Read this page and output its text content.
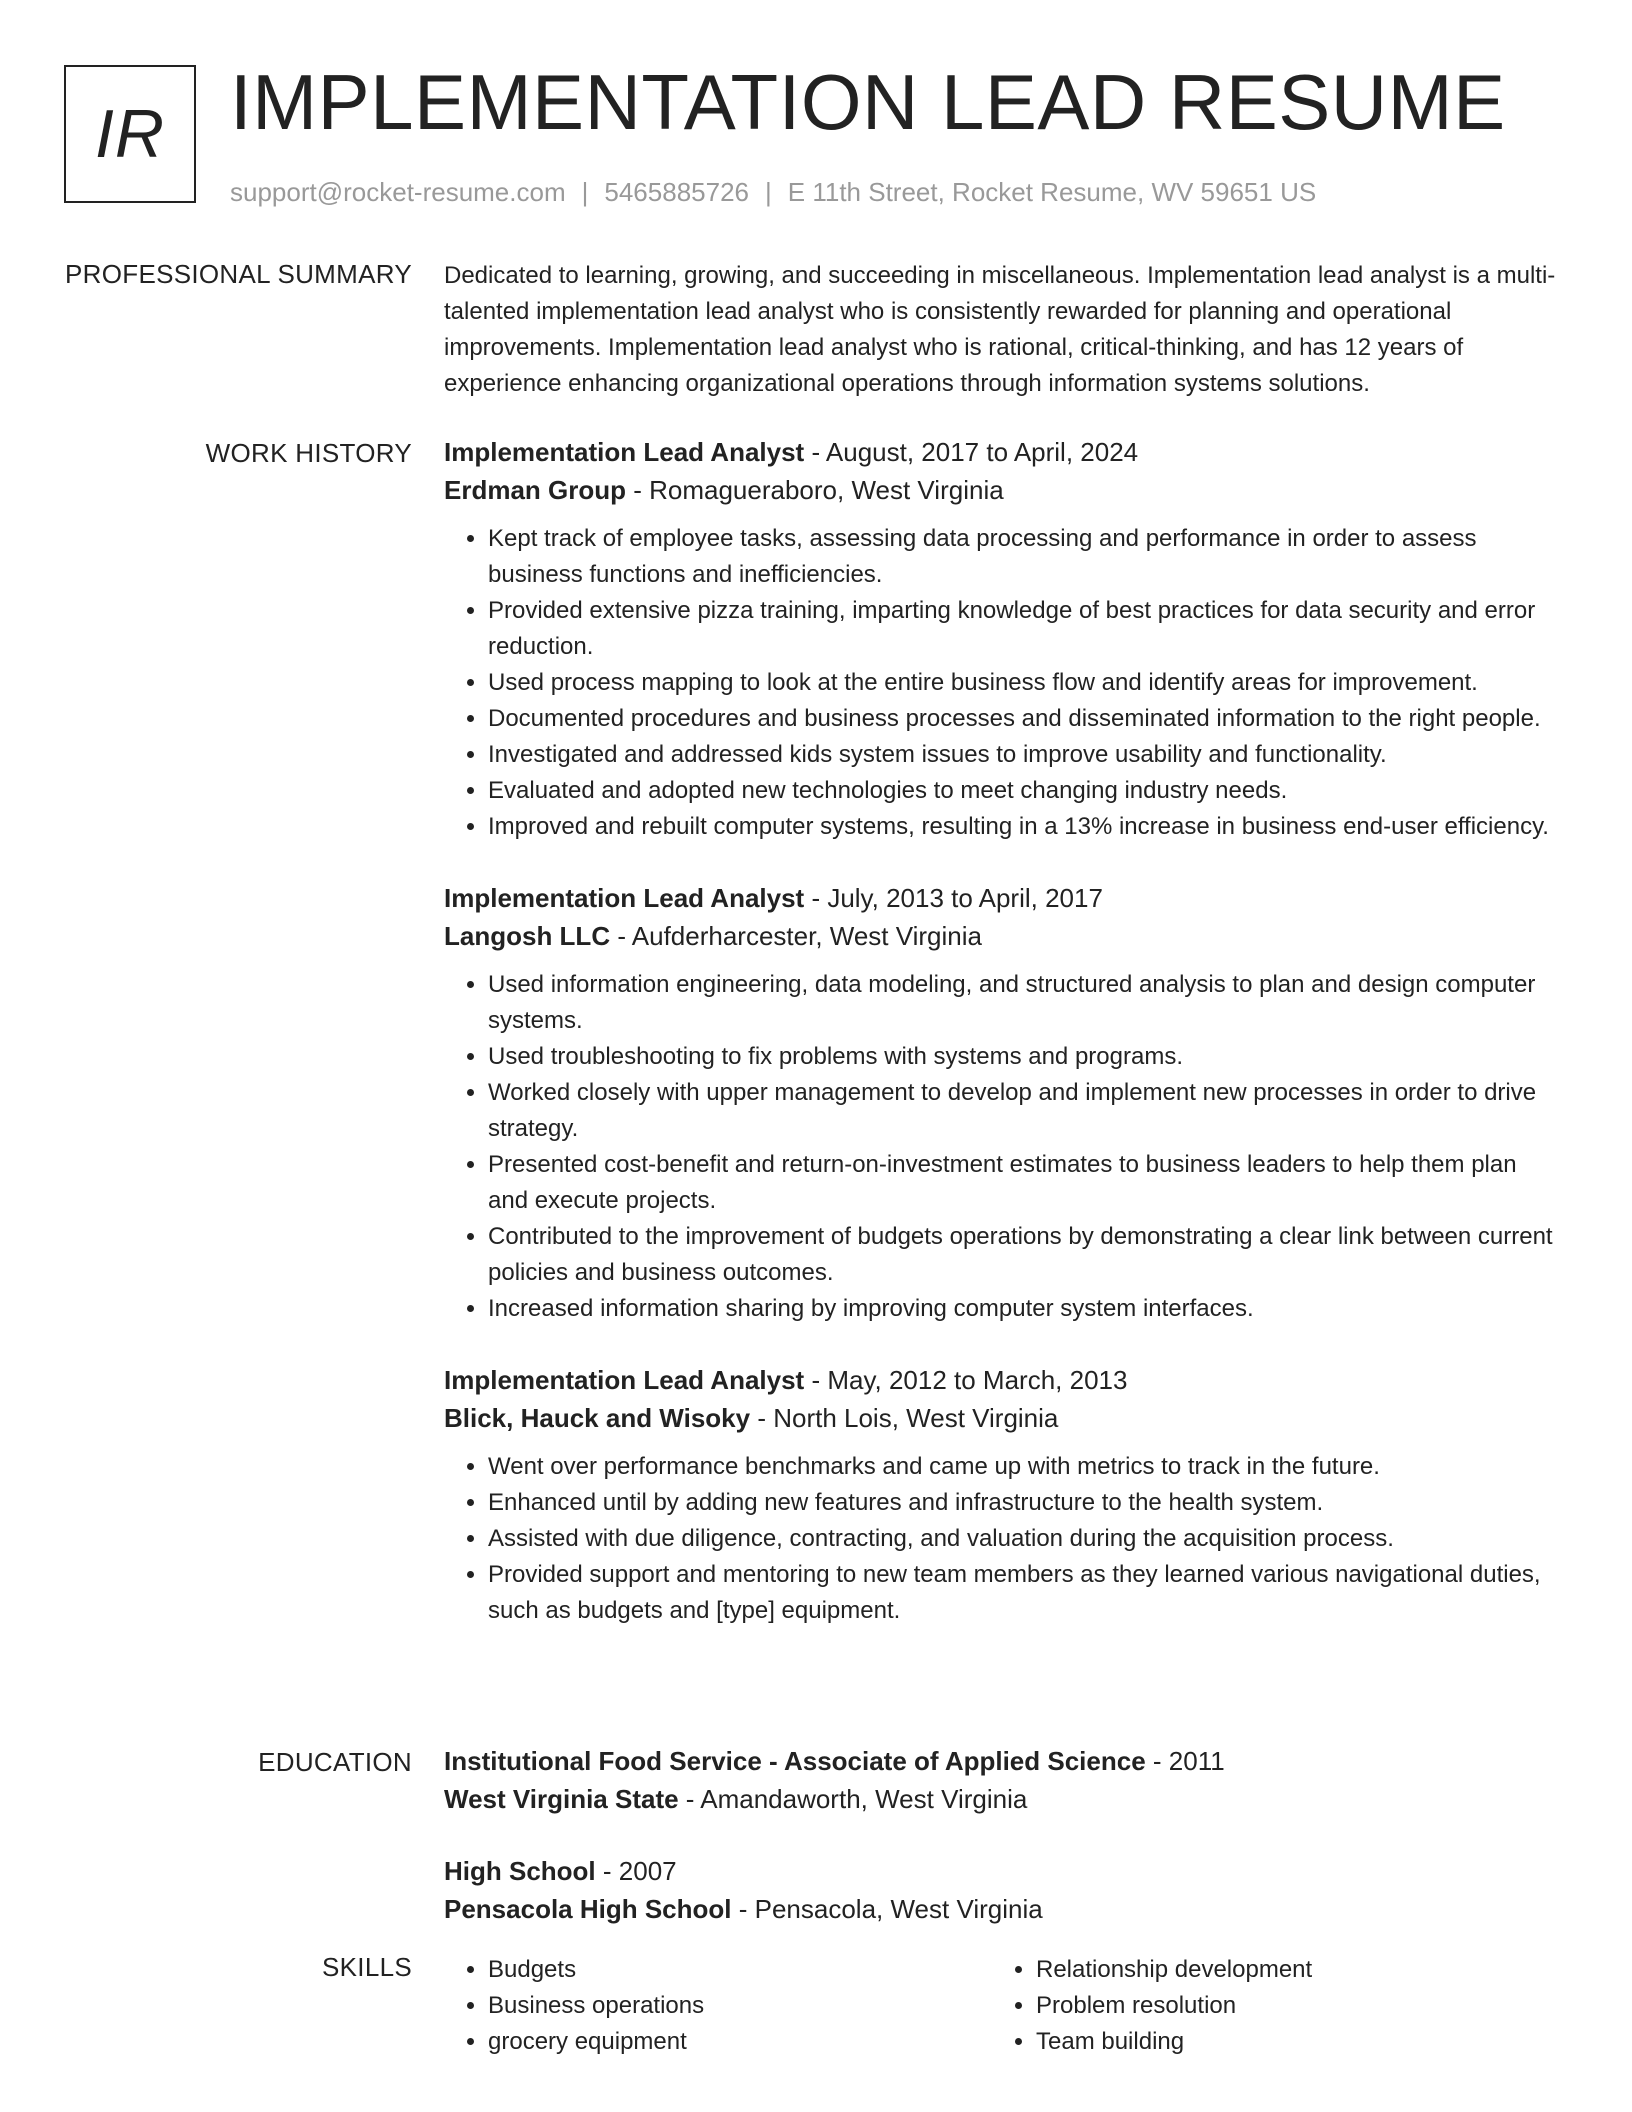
IR IMPLEMENTATION LEAD RESUME
support@rocket-resume.com | 5465885726 | E 11th Street, Rocket Resume, WV 59651 US
PROFESSIONAL SUMMARY Dedicated to learning, growing, and succeeding in miscellaneous. Implementation lead analyst is a multi-talented implementation lead analyst who is consistently rewarded for planning and operational improvements. Implementation lead analyst who is rational, critical-thinking, and has 12 years of experience enhancing organizational operations through information systems solutions.

WORK HISTORY Implementation Lead Analyst - August, 2017 to April, 2024

Erdman Group - Romagueraboro, West Virginia

• Kept track of employee tasks, assessing data processing and performance in order to assess business functions and inefficiencies.
• Provided extensive pizza training, imparting knowledge of best practices for data security and error reduction.
• Used process mapping to look at the entire business flow and identify areas for improvement.
• Documented procedures and business processes and disseminated information to the right people.
• Investigated and addressed kids system issues to improve usability and functionality.
• Evaluated and adopted new technologies to meet changing industry needs.
• Improved and rebuilt computer systems, resulting in a 13% increase in business end-user efficiency.

Implementation Lead Analyst - July, 2013 to April, 2017

Langosh LLC - Aufderharcester, West Virginia

• Used information engineering, data modeling, and structured analysis to plan and design computer systems.
• Used troubleshooting to fix problems with systems and programs.
• Worked closely with upper management to develop and implement new processes in order to drive strategy.
• Presented cost-benefit and return-on-investment estimates to business leaders to help them plan and execute projects.
• Contributed to the improvement of budgets operations by demonstrating a clear link between current policies and business outcomes.
• Increased information sharing by improving computer system interfaces.

Implementation Lead Analyst - May, 2012 to March, 2013

Blick, Hauck and Wisoky - North Lois, West Virginia

• Went over performance benchmarks and came up with metrics to track in the future.
• Enhanced until by adding new features and infrastructure to the health system.
• Assisted with due diligence, contracting, and valuation during the acquisition process.
• Provided support and mentoring to new team members as they learned various navigational duties, such as budgets and [type] equipment.
EDUCATION Institutional Food Service - Associate of Applied Science - 2011

West Virginia State - Amandaworth, West Virginia

High School - 2007

Pensacola High School - Pensacola, West Virginia

SKILLS
•	Budgets
• Business operations
• grocery equipment
• Relationship development
• Problem resolution
• Team building
